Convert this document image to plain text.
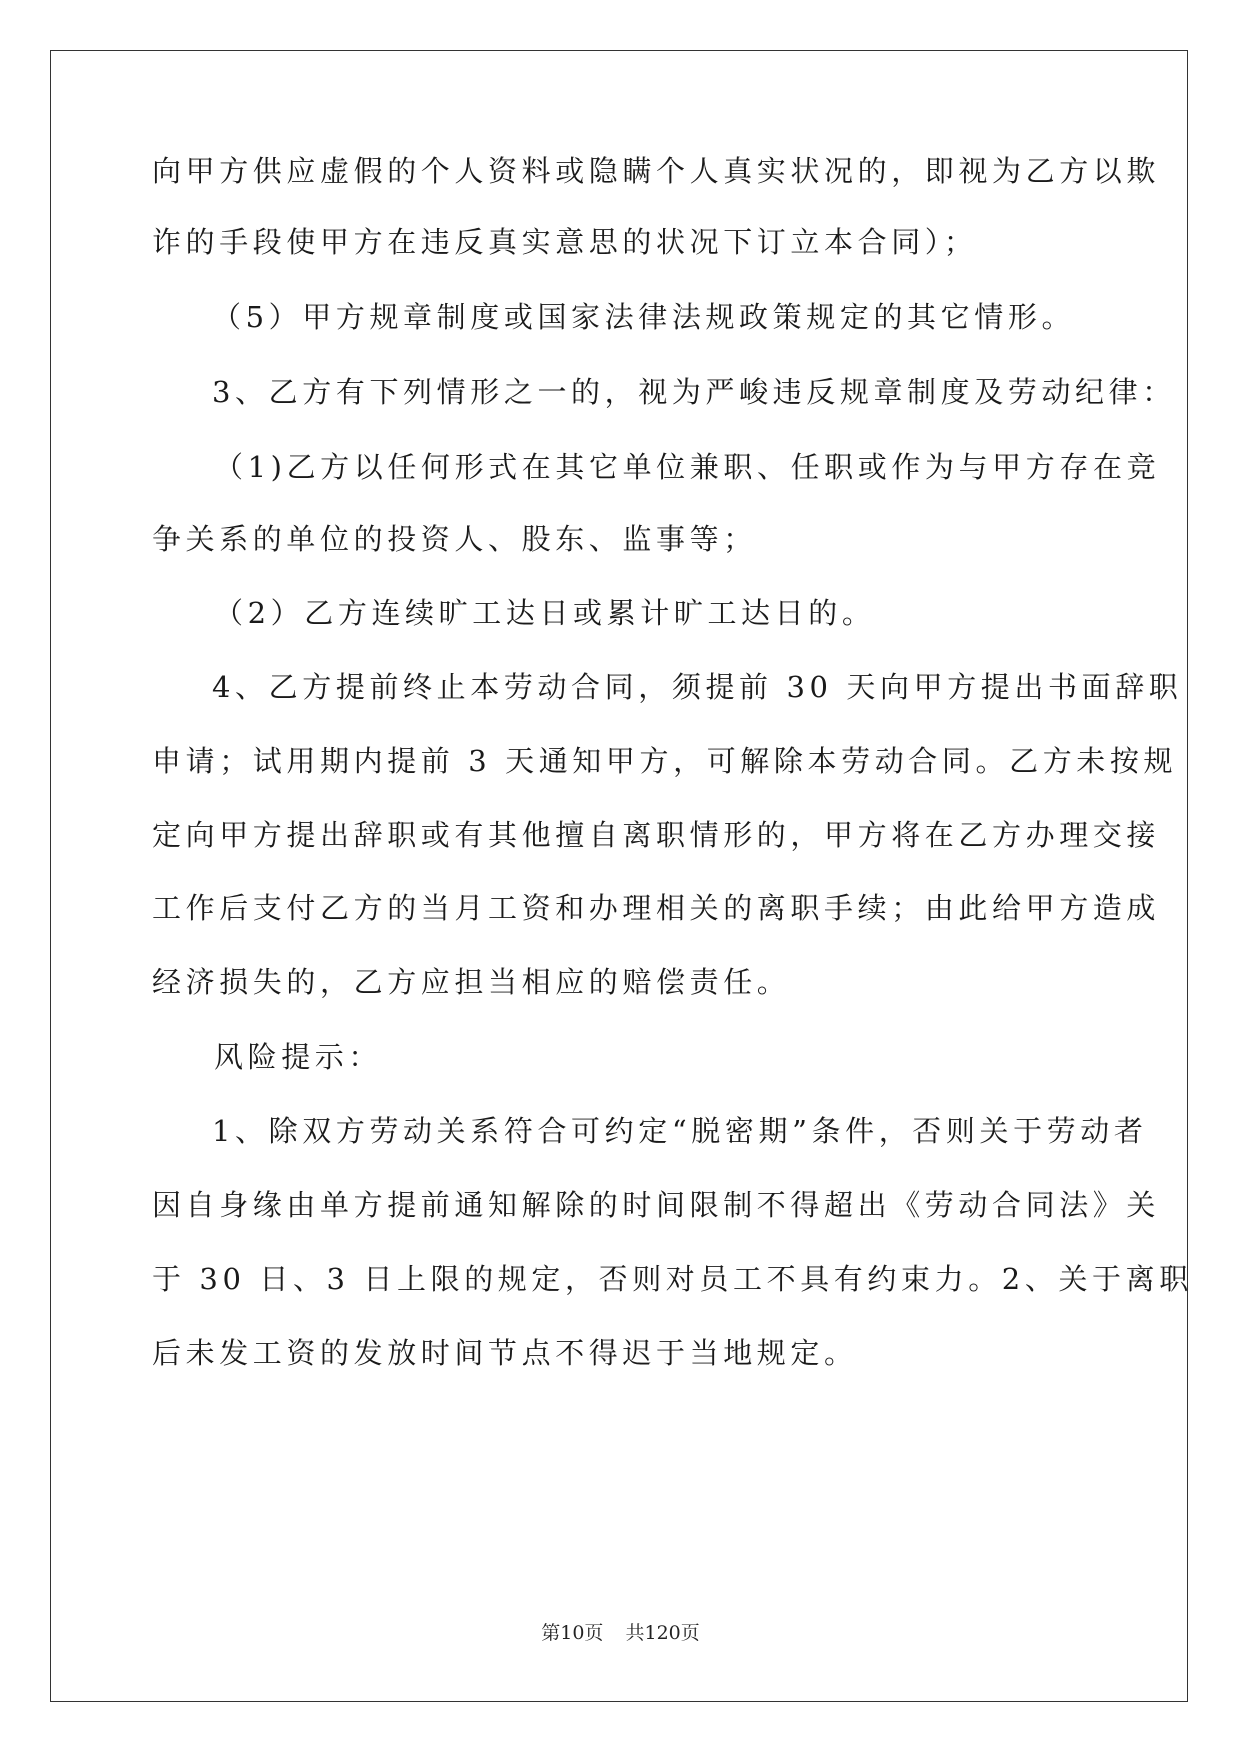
向甲方供应虚假的个人资料或隐瞒个人真实状况的，即视为乙方以欺
诈的手段使甲方在违反真实意思的状况下订立本合同）；
（5）甲方规章制度或国家法律法规政策规定的其它情形。
3、乙方有下列情形之一的，视为严峻违反规章制度及劳动纪律：
（1)乙方以任何形式在其它单位兼职、任职或作为与甲方存在竞
争关系的单位的投资人、股东、监事等；
（2）乙方连续旷工达日或累计旷工达日的。
4、乙方提前终止本劳动合同，须提前 30 天向甲方提出书面辞职
申请；试用期内提前 3 天通知甲方，可解除本劳动合同。乙方未按规
定向甲方提出辞职或有其他擅自离职情形的，甲方将在乙方办理交接
工作后支付乙方的当月工资和办理相关的离职手续；由此给甲方造成
经济损失的，乙方应担当相应的赔偿责任。
风险提示：
1、除双方劳动关系符合可约定“脱密期”条件，否则关于劳动者
因自身缘由单方提前通知解除的时间限制不得超出《劳动合同法》关
于 30 日、3 日上限的规定，否则对员工不具有约束力。2、关于离职
后未发工资的发放时间节点不得迟于当地规定。
第10页 共120页
